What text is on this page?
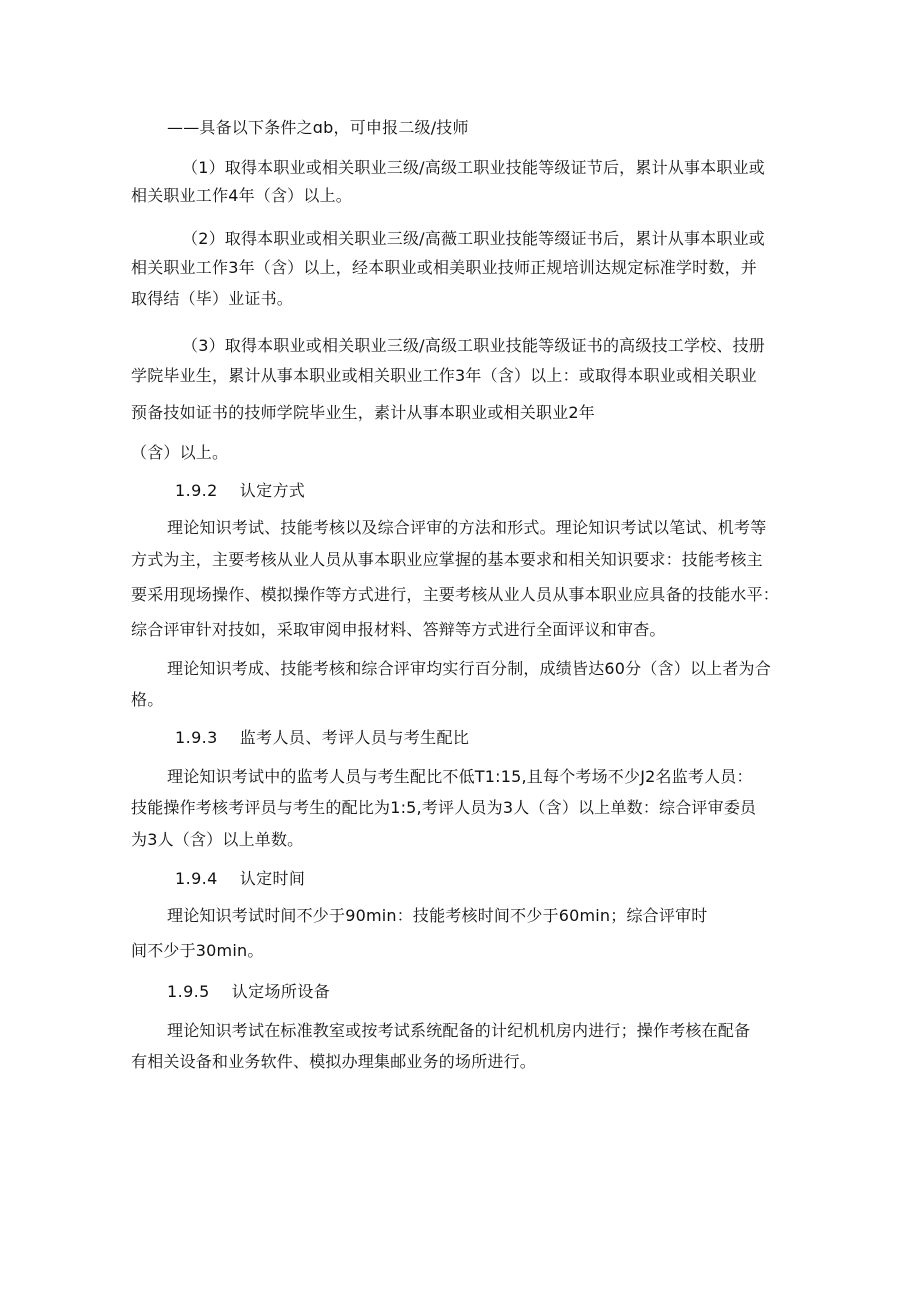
——具备以下条件之ɑb，可申报二级/技师
（1）取得本职业或相关职业三级/高级工职业技能等级证节后，累计从事本职业或
相关职业工作4年（含）以上。
（2）取得本职业或相关职业三级/高薇工职业技能等缀证书后，累计从事本职业或
相关职业工作3年（含）以上，经本职业或相美职业技师正规培训达规定标准学时数，并
取得结（毕）业证书。
（3）取得本职业或相关职业三级/高级工职业技能等级证书的高级技工学校、技册
学院毕业生，累计从事本职业或相关职业工作3年（含）以上：或取得本职业或相关职业
预备技如证书的技师学院毕业生，素计从事本职业或相关职业2年
（含）以上。
1.9.2 认定方式
理论知识考试、技能考核以及综合评审的方法和形式。理论知识考试以笔试、机考等
方式为主，主要考核从业人员从事本职业应掌握的基本要求和相关知识要求：技能考核主
要采用现场操作、模拟操作等方式进行，主要考核从业人员从事本职业应具备的技能水平：
综合评审针对技如，采取审阅申报材料、答辩等方式进行全面评议和审杳。
理论知识考成、技能考核和综合评审均实行百分制，成绩皆达60分（含）以上者为合
格。
1.9.3 监考人员、考评人员与考生配比
理论知识考试中的监考人员与考生配比不低T1:15,且每个考场不少J2名监考人员：
技能操作考核考评员与考生的配比为1:5,考评人员为3人（含）以上单数：综合评审委员
为3人（含）以上单数。
1.9.4 认定时间
理论知识考试时间不少于90min：技能考核时间不少于60min；综合评审时
间不少于30min。
1.9.5 认定场所设备
理论知识考试在标准教室或按考试系统配备的计纪机机房内进行；操作考核在配备
有相关设备和业务软件、模拟办理集邮业务的场所进行。
